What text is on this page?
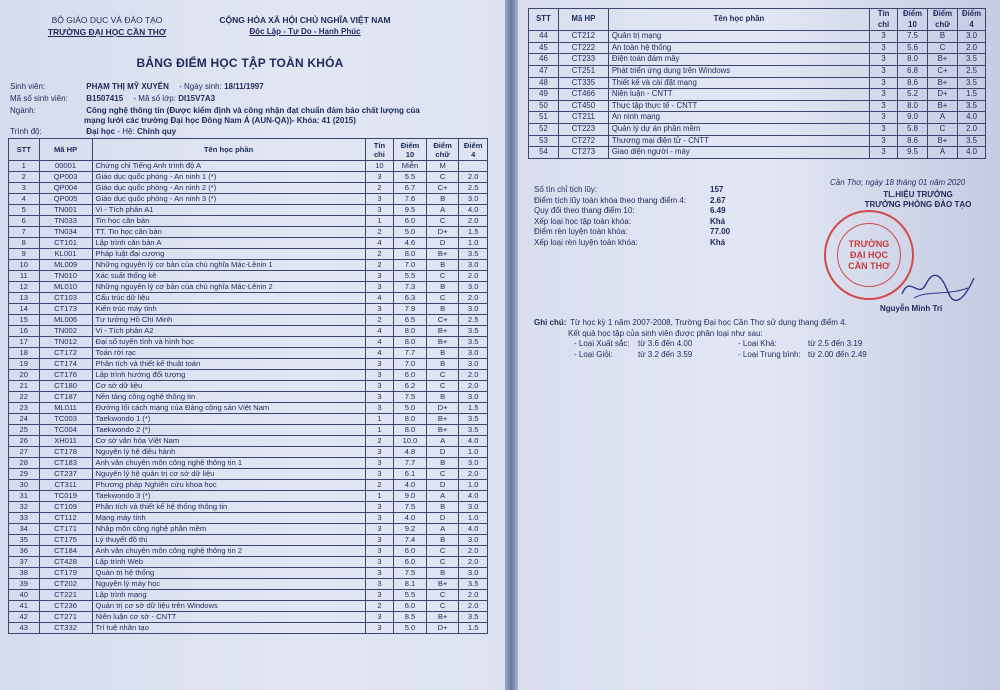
BỘ GIÁO DỤC VÀ ĐÀO TẠO
TRƯỜNG ĐẠI HỌC CẦN THƠ
CỘNG HÒA XÃ HỘI CHỦ NGHĨA VIỆT NAM
Độc Lập - Tự Do - Hạnh Phúc
BẢNG ĐIỂM HỌC TẬP TOÀN KHÓA
Sinh viên:	PHẠM THỊ MỸ XUYÊN - Ngày sinh: 18/11/1997
Mã số sinh viên: B1507415 - Mã số lớp: DI15V7A3
Ngành:	Công nghệ thông tin (Được kiểm định và công nhận đạt chuẩn đảm bảo chất lượng của
mạng lưới các trường Đại học Đông Nam Á (AUN-QA))- Khóa: 41 (2015)
Trình độ:	Đại học - Hệ: Chính quy
STT	Mã HP	Tên học phần	Tín chỉ	Điểm 10	Điểm chữ	Điểm 4
1	00001	Chứng chỉ Tiếng Anh trình độ A	10	Miễn	M	
2	QP003	Giáo dục quốc phòng - An ninh 1 (*)	3	5.5	C	2.0
3	QP004	Giáo dục quốc phòng - An ninh 2 (*)	2	6.7	C+	2.5
4	QP005	Giáo dục quốc phòng - An ninh 3 (*)	3	7.6	B	3.0
5	TN001	Vi - Tích phân A1	3	9.5	A	4.0
6	TN033	Tin học căn bản	1	6.0	C	2.0
7	TN034	TT. Tin học căn bản	2	5.0	D+	1.5
8	CT101	Lập trình căn bản A	4	4.6	D	1.0
9	KL001	Pháp luật đại cương	2	8.0	B+	3.5
10	ML009	Những nguyên lý cơ bản của chủ nghĩa Mác-Lênin 1	2	7.0	B	3.0
11	TN010	Xác suất thống kê	3	5.5	C	2.0
12	ML010	Những nguyên lý cơ bản của chủ nghĩa Mác-Lênin 2	3	7.3	B	3.0
13	CT103	Cấu trúc dữ liệu	4	6.3	C	2.0
14	CT173	Kiến trúc máy tính	3	7.9	B	3.0
15	ML006	Tư tưởng Hồ Chí Minh	2	6.5	C+	2.5
16	TN002	Vi - Tích phân A2	4	8.0	B+	3.5
17	TN012	Đại số tuyến tính và hình học	4	8.0	B+	3.5
18	CT172	Toán rời rạc	4	7.7	B	3.0
19	CT174	Phân tích và thiết kế thuật toán	3	7.0	B	3.0
20	CT176	Lập trình hướng đối tượng	3	6.0	C	2.0
21	CT180	Cơ sở dữ liệu	3	6.2	C	2.0
22	CT187	Nền tảng công nghệ thông tin	3	7.5	B	3.0
23	ML011	Đường lối cách mạng của Đảng cộng sản Việt Nam	3	5.0	D+	1.5
24	TC003	Taekwondo 1 (*)	1	8.0	B+	3.5
25	TC004	Taekwondo 2 (*)	1	8.0	B+	3.5
26	XH011	Cơ sở văn hóa Việt Nam	2	10.0	A	4.0
27	CT178	Nguyên lý hệ điều hành	3	4.8	D	1.0
28	CT183	Anh văn chuyên môn công nghệ thông tin 1	3	7.7	B	3.0
29	CT237	Nguyên lý hệ quản trị cơ sở dữ liệu	3	6.1	C	2.0
30	CT311	Phương pháp Nghiên cứu khoa học	2	4.0	D	1.0
31	TC019	Taekwondo 3 (*)	1	9.0	A	4.0
32	CT109	Phân tích và thiết kế hệ thống thông tin	3	7.5	B	3.0
33	CT112	Mạng máy tính	3	4.0	D	1.0
34	CT171	Nhập môn công nghệ phần mềm	3	9.2	A	4.0
35	CT175	Lý thuyết đồ thị	3	7.4	B	3.0
36	CT184	Anh văn chuyên môn công nghệ thông tin 2	3	6.0	C	2.0
37	CT428	Lập trình Web	3	6.0	C	2.0
38	CT179	Quản trị hệ thống	3	7.5	B	3.0
39	CT202	Nguyên lý máy học	3	8.1	B+	3.5
40	CT221	Lập trình mạng	3	5.5	C	2.0
41	CT236	Quản trị cơ sở dữ liệu trên Windows	2	6.0	C	2.0
42	CT271	Niên luận cơ sở - CNTT	3	8.5	B+	3.5
43	CT332	Trí tuệ nhân tạo	3	5.0	D+	1.5
STT	Mã HP	Tên học phần	Tín chỉ	Điểm 10	Điểm chữ	Điểm 4
44	CT212	Quản trị mạng	3	7.5	B	3.0
45	CT222	An toàn hệ thống	3	5.6	C	2.0
46	CT233	Điện toán đám mây	3	8.0	B+	3.5
47	CT251	Phát triển ứng dụng trên Windows	3	6.8	C+	2.5
48	CT335	Thiết kế và cài đặt mạng	3	8.6	B+	3.5
49	CT466	Niên luận - CNTT	3	5.2	D+	1.5
50	CT450	Thực tập thực tế - CNTT	3	8.0	B+	3.5
51	CT211	An ninh mạng	3	9.0	A	4.0
52	CT223	Quản lý dự án phần mềm	3	5.8	C	2.0
53	CT272	Thương mại điện tử - CNTT	3	8.6	B+	3.5
54	CT273	Giao diện người - máy	3	9.5	A	4.0
Cần Thơ, ngày 18 tháng 01 năm 2020
TL.HIỆU TRƯỞNG
TRƯỞNG PHÒNG ĐÀO TẠO
TRƯỜNG
ĐẠI HỌC
CẦN THƠ
Nguyễn Minh Trí
Số tín chỉ tích lũy:	157
Điểm tích lũy toàn khóa theo thang điểm 4:	2.67
Quy đổi theo thang điểm 10:	6.49
Xếp loại học tập toàn khóa:	Khá
Điểm rèn luyện toàn khóa:	77.00
Xếp loại rèn luyện toàn khóa:	Khá
Ghi chú: Từ học kỳ 1 năm 2007-2008, Trường Đại học Cần Thơ sử dụng thang điểm 4.
Kết quả học tập của sinh viên được phân loại như sau:
- Loại Xuất sắc:	từ 3.6 đến 4.00	- Loại Khá:	từ 2.5 đến 3.19
- Loại Giỏi:	từ 3.2 đến 3.59	- Loại Trung bình: từ 2.00 đến 2.49
